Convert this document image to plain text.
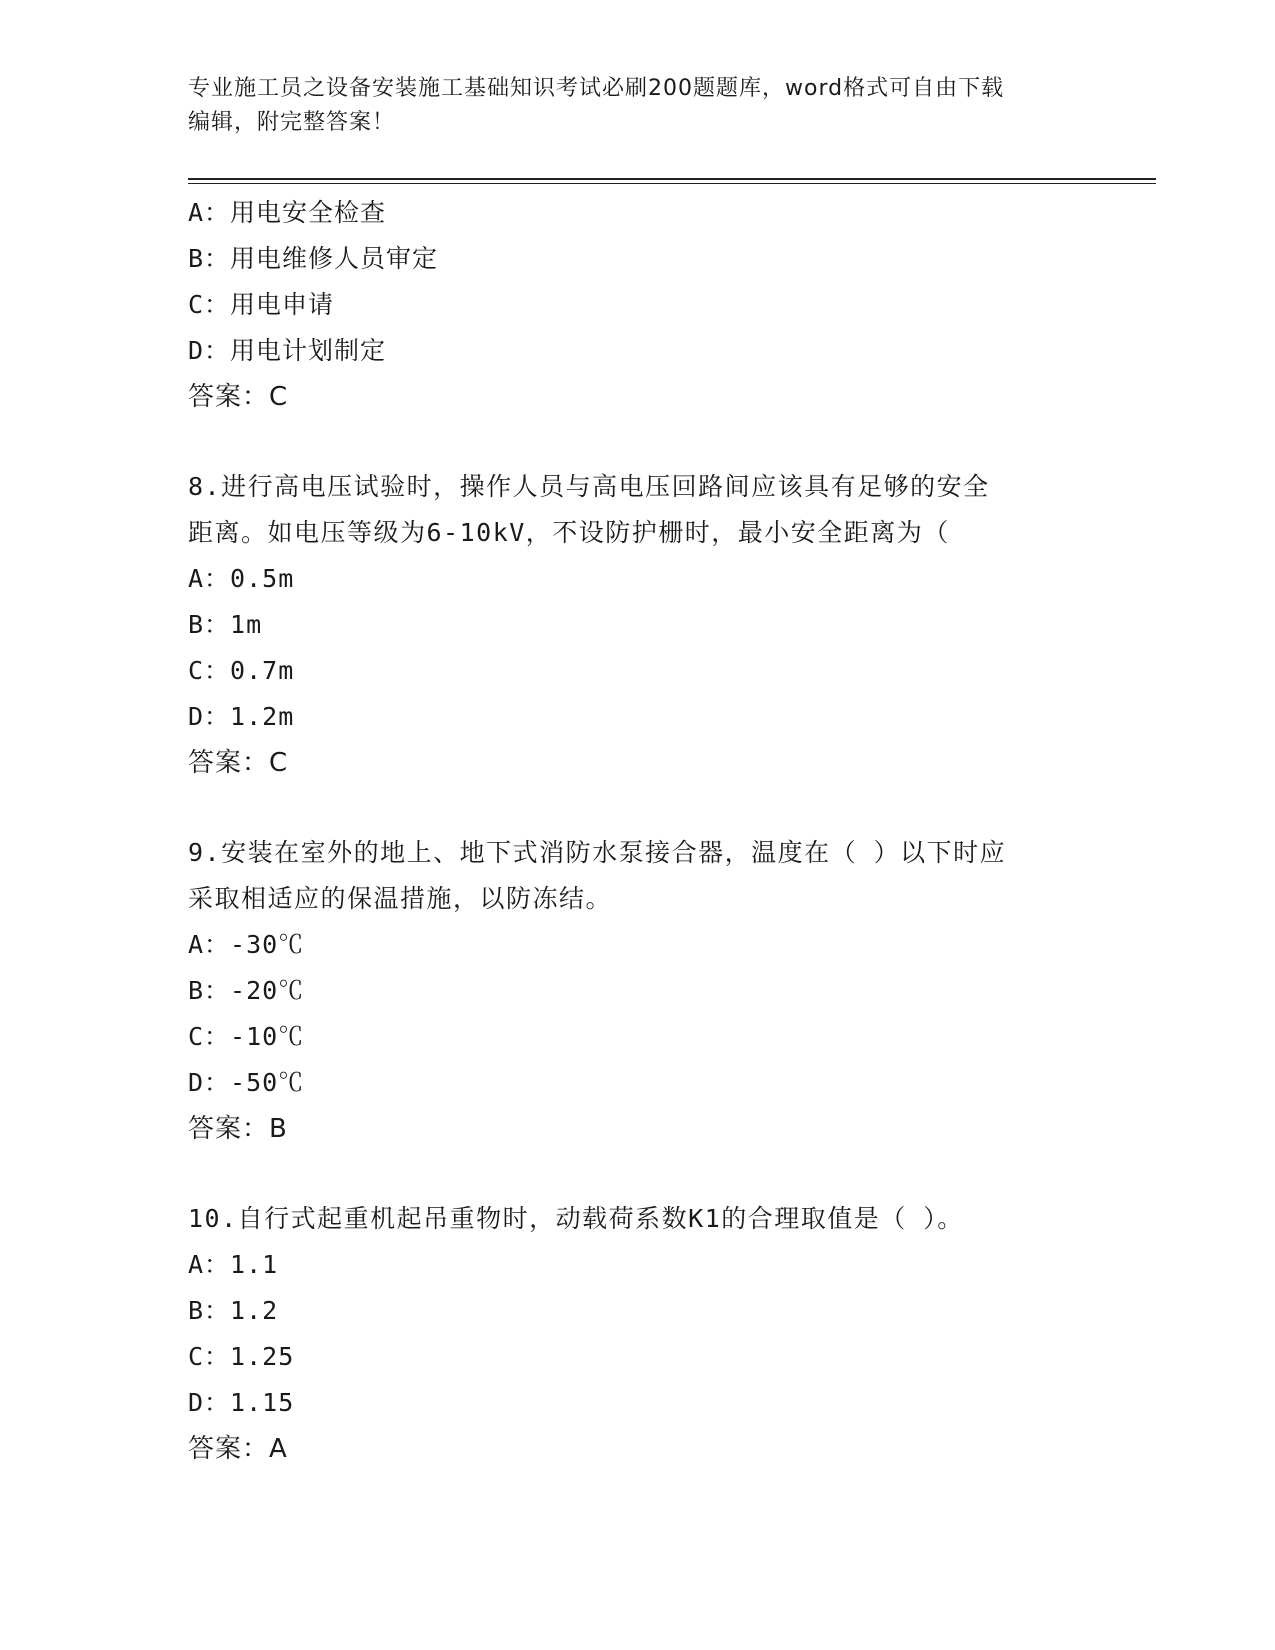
专业施工员之设备安装施工基础知识考试必刷200题题库，word格式可自由下载
编辑，附完整答案！
A：用电安全检查
B：用电维修人员审定
C：用电申请
D：用电计划制定
答案：C
8.进行高电压试验时，操作人员与高电压回路间应该具有足够的安全
距离。如电压等级为6-10kV，不设防护栅时，最小安全距离为（
A：0.5m
B：1m
C：0.7m
D：1.2m
答案：C
9.安装在室外的地上、地下式消防水泵接合器，温度在（ ）以下时应
采取相适应的保温措施，以防冻结。
A：-30℃
B：-20℃
C：-10℃
D：-50℃
答案：B
10.自行式起重机起吊重物时，动载荷系数K1的合理取值是（ ）。
A：1.1
B：1.2
C：1.25
D：1.15
答案：A
